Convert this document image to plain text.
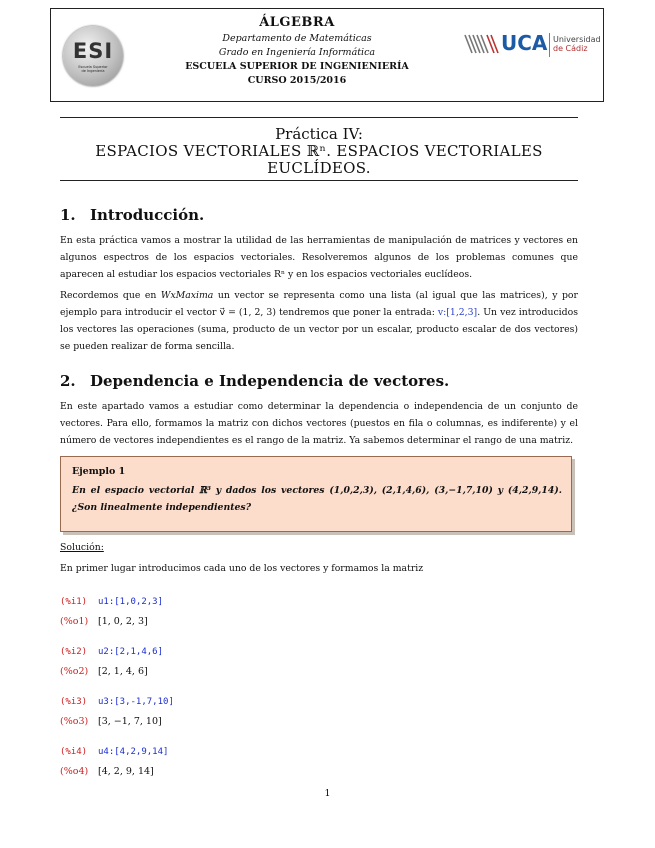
ESI
Escuela Superior
de Ingeniería
ÁLGEBRA
Departamento de Matemáticas
Grado en Ingeniería Informática
ESCUELA SUPERIOR DE INGENIENIERÍA
CURSO 2015/2016
UCA Universidad
de Cádiz
Práctica IV:
ESPACIOS VECTORIALES ℝⁿ. ESPACIOS VECTORIALES
EUCLÍDEOS.
1. Introducción.
En esta práctica vamos a mostrar la utilidad de las herramientas de manipulación de matrices y vectores en algunos espectros de los espacios vectoriales. Resolveremos algunos de los problemas comunes que aparecen al estudiar los espacios vectoriales Rⁿ y en los espacios vectoriales euclídeos.
Recordemos que en WxMaxima un vector se representa como una lista (al igual que las matrices), y por ejemplo para introducir el vector v⃗ = (1, 2, 3) tendremos que poner la entrada: v:[1,2,3]. Un vez introducidos los vectores las operaciones (suma, producto de un vector por un escalar, producto escalar de dos vectores) se pueden realizar de forma sencilla.
2. Dependencia e Independencia de vectores.
En este apartado vamos a estudiar como determinar la dependencia o independencia de un conjunto de vectores. Para ello, formamos la matriz con dichos vectores (puestos en fila o columnas, es indiferente) y el número de vectores independientes es el rango de la matriz. Ya sabemos determinar el rango de una matriz.
Ejemplo 1
En el espacio vectorial ℝ³ y dados los vectores (1,0,2,3), (2,1,4,6), (3,−1,7,10) y (4,2,9,14). ¿Son linealmente independientes?
Solución:
En primer lugar introducimos cada uno de los vectores y formamos la matriz
(%i1) u1:[1,0,2,3]
(%o1) [1, 0, 2, 3]
(%i2) u2:[2,1,4,6]
(%o2) [2, 1, 4, 6]
(%i3) u3:[3,-1,7,10]
(%o3) [3, −1, 7, 10]
(%i4) u4:[4,2,9,14]
(%o4) [4, 2, 9, 14]
1
